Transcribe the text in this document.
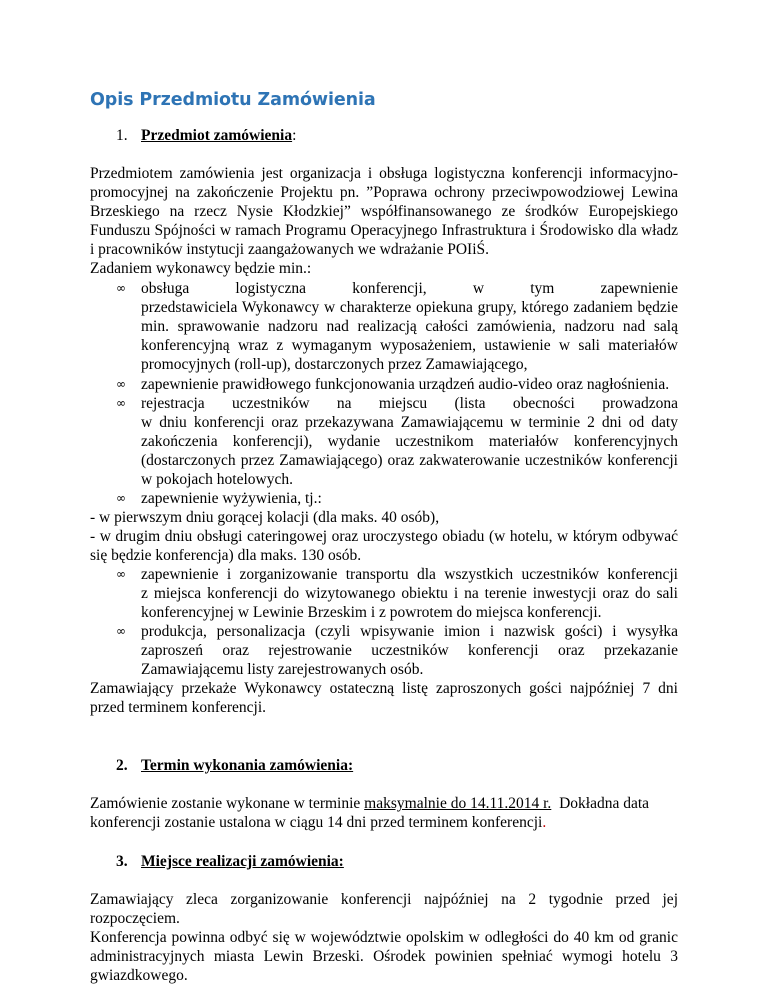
Opis Przedmiotu Zamówienia
1. Przedmiot zamówienia:
Przedmiotem zamówienia jest organizacja i obsługa logistyczna konferencji informacyjno-
promocyjnej na zakończenie Projektu pn. ”Poprawa ochrony przeciwpowodziowej Lewina
Brzeskiego na rzecz Nysie Kłodzkiej” współfinansowanego ze środków Europejskiego
Funduszu Spójności w ramach Programu Operacyjnego Infrastruktura i Środowisko dla władz
i pracowników instytucji zaangażowanych we wdrażanie POIiŚ.
Zadaniem wykonawcy będzie min.:
∞ obsługa logistyczna konferencji, w tym zapewnienie
przedstawiciela Wykonawcy w charakterze opiekuna grupy, którego zadaniem będzie
min. sprawowanie nadzoru nad realizacją całości zamówienia, nadzoru nad salą
konferencyjną wraz z wymaganym wyposażeniem, ustawienie w sali materiałów
promocyjnych (roll-up), dostarczonych przez Zamawiającego,
∞ zapewnienie prawidłowego funkcjonowania urządzeń audio-video oraz nagłośnienia.
∞ rejestracja uczestników na miejscu (lista obecności prowadzona
w dniu konferencji oraz przekazywana Zamawiającemu w terminie 2 dni od daty
zakończenia konferencji), wydanie uczestnikom materiałów konferencyjnych
(dostarczonych przez Zamawiającego) oraz zakwaterowanie uczestników konferencji
w pokojach hotelowych.
∞ zapewnienie wyżywienia, tj.:
- w pierwszym dniu gorącej kolacji (dla maks. 40 osób),
- w drugim dniu obsługi cateringowej oraz uroczystego obiadu (w hotelu, w którym odbywać
się będzie konferencja) dla maks. 130 osób.
∞ zapewnienie i zorganizowanie transportu dla wszystkich uczestników konferencji
z miejsca konferencji do wizytowanego obiektu i na terenie inwestycji oraz do sali
konferencyjnej w Lewinie Brzeskim i z powrotem do miejsca konferencji.
∞ produkcja, personalizacja (czyli wpisywanie imion i nazwisk gości) i wysyłka
zaproszeń oraz rejestrowanie uczestników konferencji oraz przekazanie
Zamawiającemu listy zarejestrowanych osób.
Zamawiający przekaże Wykonawcy ostateczną listę zaproszonych gości najpóźniej 7 dni
przed terminem konferencji.
2. Termin wykonania zamówienia:
Zamówienie zostanie wykonane w terminie maksymalnie do 14.11.2014 r.  Dokładna data
konferencji zostanie ustalona w ciągu 14 dni przed terminem konferencji.
3. Miejsce realizacji zamówienia:
Zamawiający zleca zorganizowanie konferencji najpóźniej na 2 tygodnie przed jej
rozpoczęciem.
Konferencja powinna odbyć się w województwie opolskim w odległości do 40 km od granic
administracyjnych miasta Lewin Brzeski. Ośrodek powinien spełniać wymogi hotelu 3
gwiazdkowego.
